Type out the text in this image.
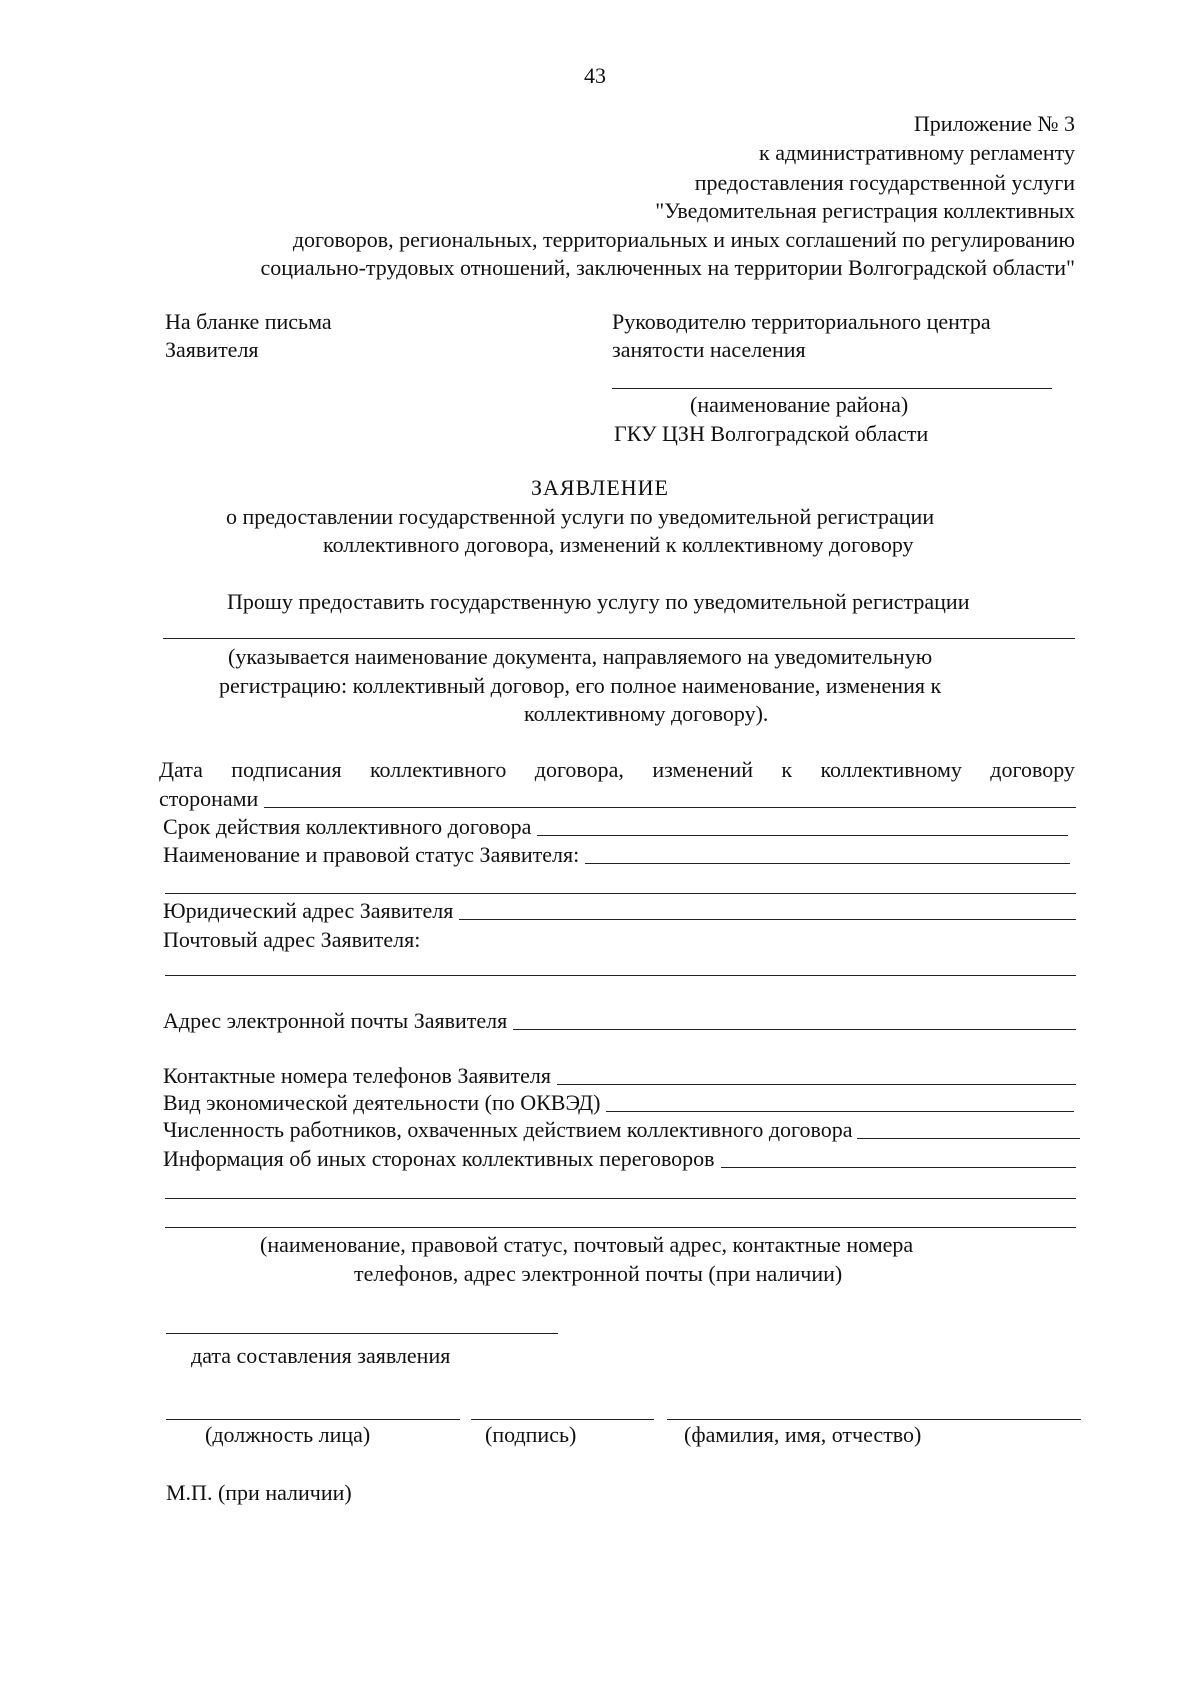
43
Приложение № 3
к административному регламенту
предоставления государственной услуги
"Уведомительная регистрация коллективных
договоров, региональных, территориальных и иных соглашений по регулированию
социально-трудовых отношений, заключенных на территории Волгоградской области"
На бланке письма
Заявителя
Руководителю территориального центра
занятости населения
(наименование района)
ГКУ ЦЗН Волгоградской области
ЗАЯВЛЕНИЕ
о предоставлении государственной услуги по уведомительной регистрации
коллективного договора, изменений к коллективному договору
Прошу предоставить государственную услугу по уведомительной регистрации
(указывается наименование документа, направляемого на уведомительную
регистрацию: коллективный договор, его полное наименование, изменения к
коллективному договору).
Дата подписания коллективного договора, изменений к коллективному договору
сторонами
Срок действия коллективного договора
Наименование и правовой статус Заявителя:
Юридический адрес Заявителя
Почтовый адрес Заявителя:
Адрес электронной почты Заявителя
Контактные номера телефонов Заявителя
Вид экономической деятельности (по ОКВЭД)
Численность работников, охваченных действием коллективного договора
Информация об иных сторонах коллективных переговоров
(наименование, правовой статус, почтовый адрес, контактные номера
телефонов, адрес электронной почты (при наличии)
дата составления заявления
(должность лица)	(подпись)	(фамилия, имя, отчество)
М.П. (при наличии)
